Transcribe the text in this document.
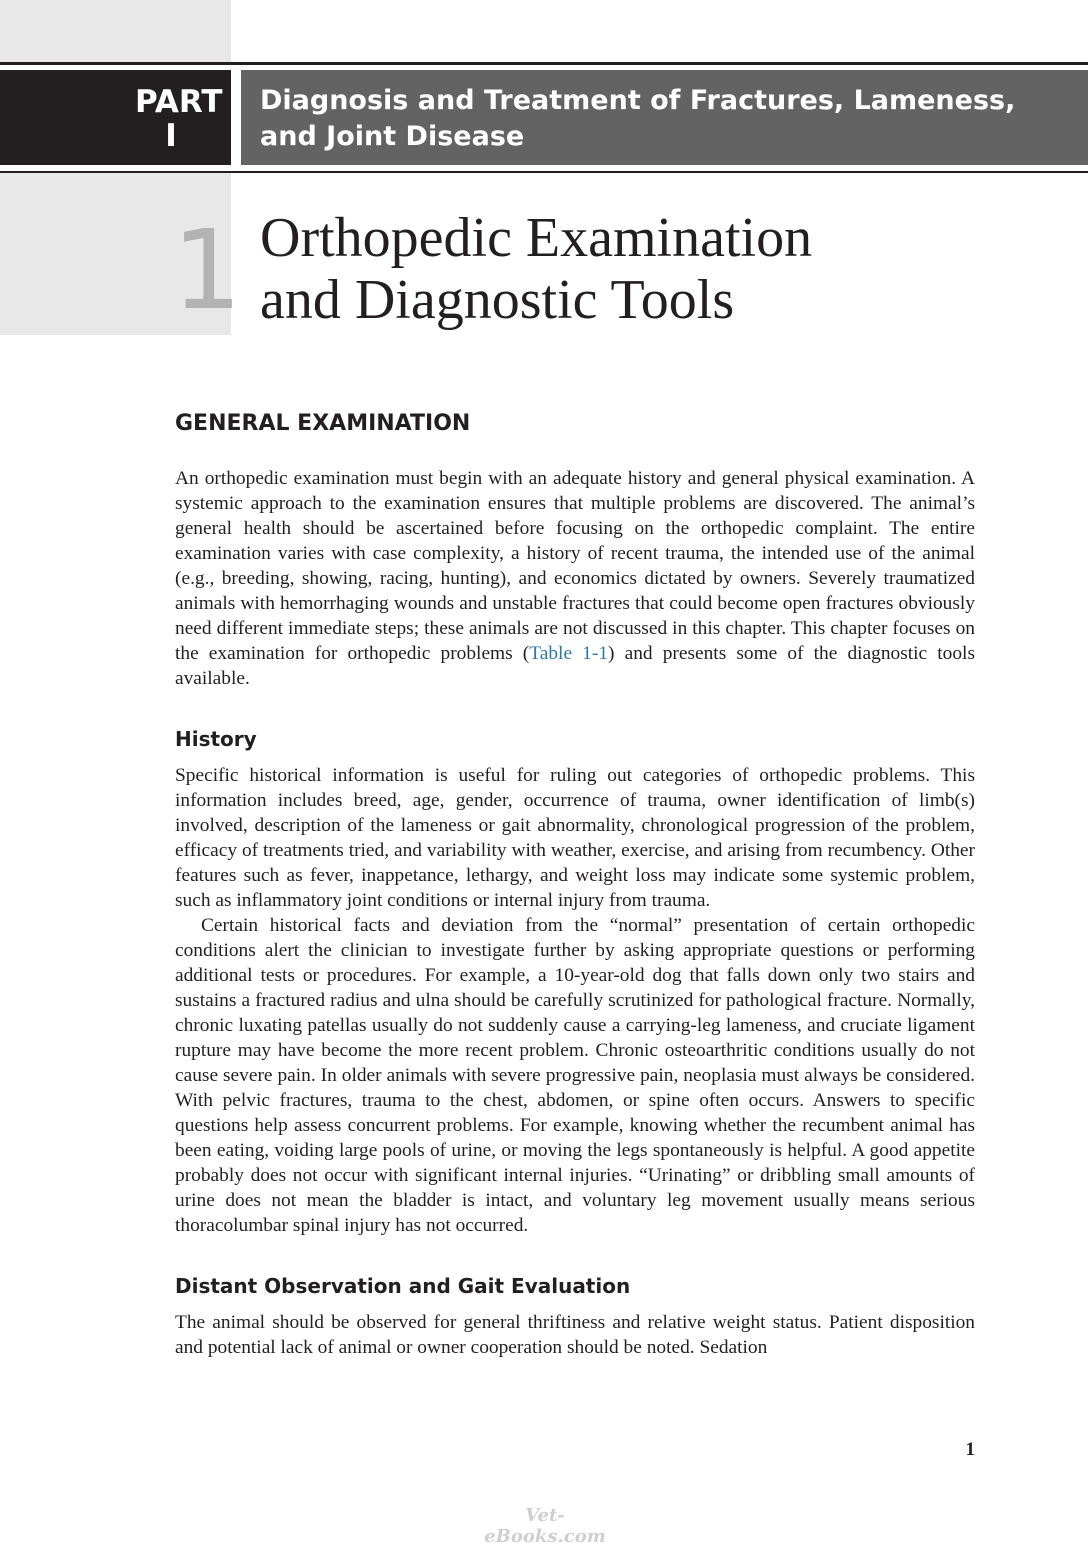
PART
I
Diagnosis and Treatment of Fractures, Lameness,
and Joint Disease
1 Orthopedic Examination
and Diagnostic Tools
GENERAL EXAMINATION

An orthopedic examination must begin with an adequate history and general physical examination. A systemic approach to the examination ensures that multiple problems are discovered. The animal’s general health should be ascertained before focusing on the orthopedic complaint. The entire examination varies with case complexity, a history of recent trauma, the intended use of the animal (e.g., breeding, showing, racing, hunting), and economics dictated by owners. Severely traumatized animals with hemorrhaging wounds and unstable fractures that could become open fractures obviously need different immediate steps; these animals are not discussed in this chapter. This chapter focuses on the examination for orthopedic problems (Table 1-1) and presents some of the diagnostic tools available.

History

Specific historical information is useful for ruling out categories of orthopedic problems. This information includes breed, age, gender, occurrence of trauma, owner identification of limb(s) involved, description of the lameness or gait abnormality, chronological progression of the problem, efficacy of treatments tried, and variability with weather, exercise, and arising from recumbency. Other features such as fever, inappetance, lethargy, and weight loss may indicate some systemic problem, such as inflammatory joint conditions or internal injury from trauma.

Certain historical facts and deviation from the “normal” presentation of certain orthopedic conditions alert the clinician to investigate further by asking appropriate questions or performing additional tests or procedures. For example, a 10-year-old dog that falls down only two stairs and sustains a fractured radius and ulna should be carefully scrutinized for pathological fracture. Normally, chronic luxating patellas usually do not suddenly cause a carrying-leg lameness, and cruciate ligament rupture may have become the more recent problem. Chronic osteoarthritic conditions usually do not cause severe pain. In older animals with severe progressive pain, neoplasia must always be considered. With pelvic fractures, trauma to the chest, abdomen, or spine often occurs. Answers to specific questions help assess concurrent problems. For example, knowing whether the recumbent animal has been eating, voiding large pools of urine, or moving the legs spontaneously is helpful. A good appetite probably does not occur with significant internal injuries. “Urinating” or dribbling small amounts of urine does not mean the bladder is intact, and voluntary leg movement usually means serious thoracolumbar spinal injury has not occurred.

Distant Observation and Gait Evaluation

The animal should be observed for general thriftiness and relative weight status. Patient disposition and potential lack of animal or owner cooperation should be noted. Sedation

1
Vet-eBooks.com
